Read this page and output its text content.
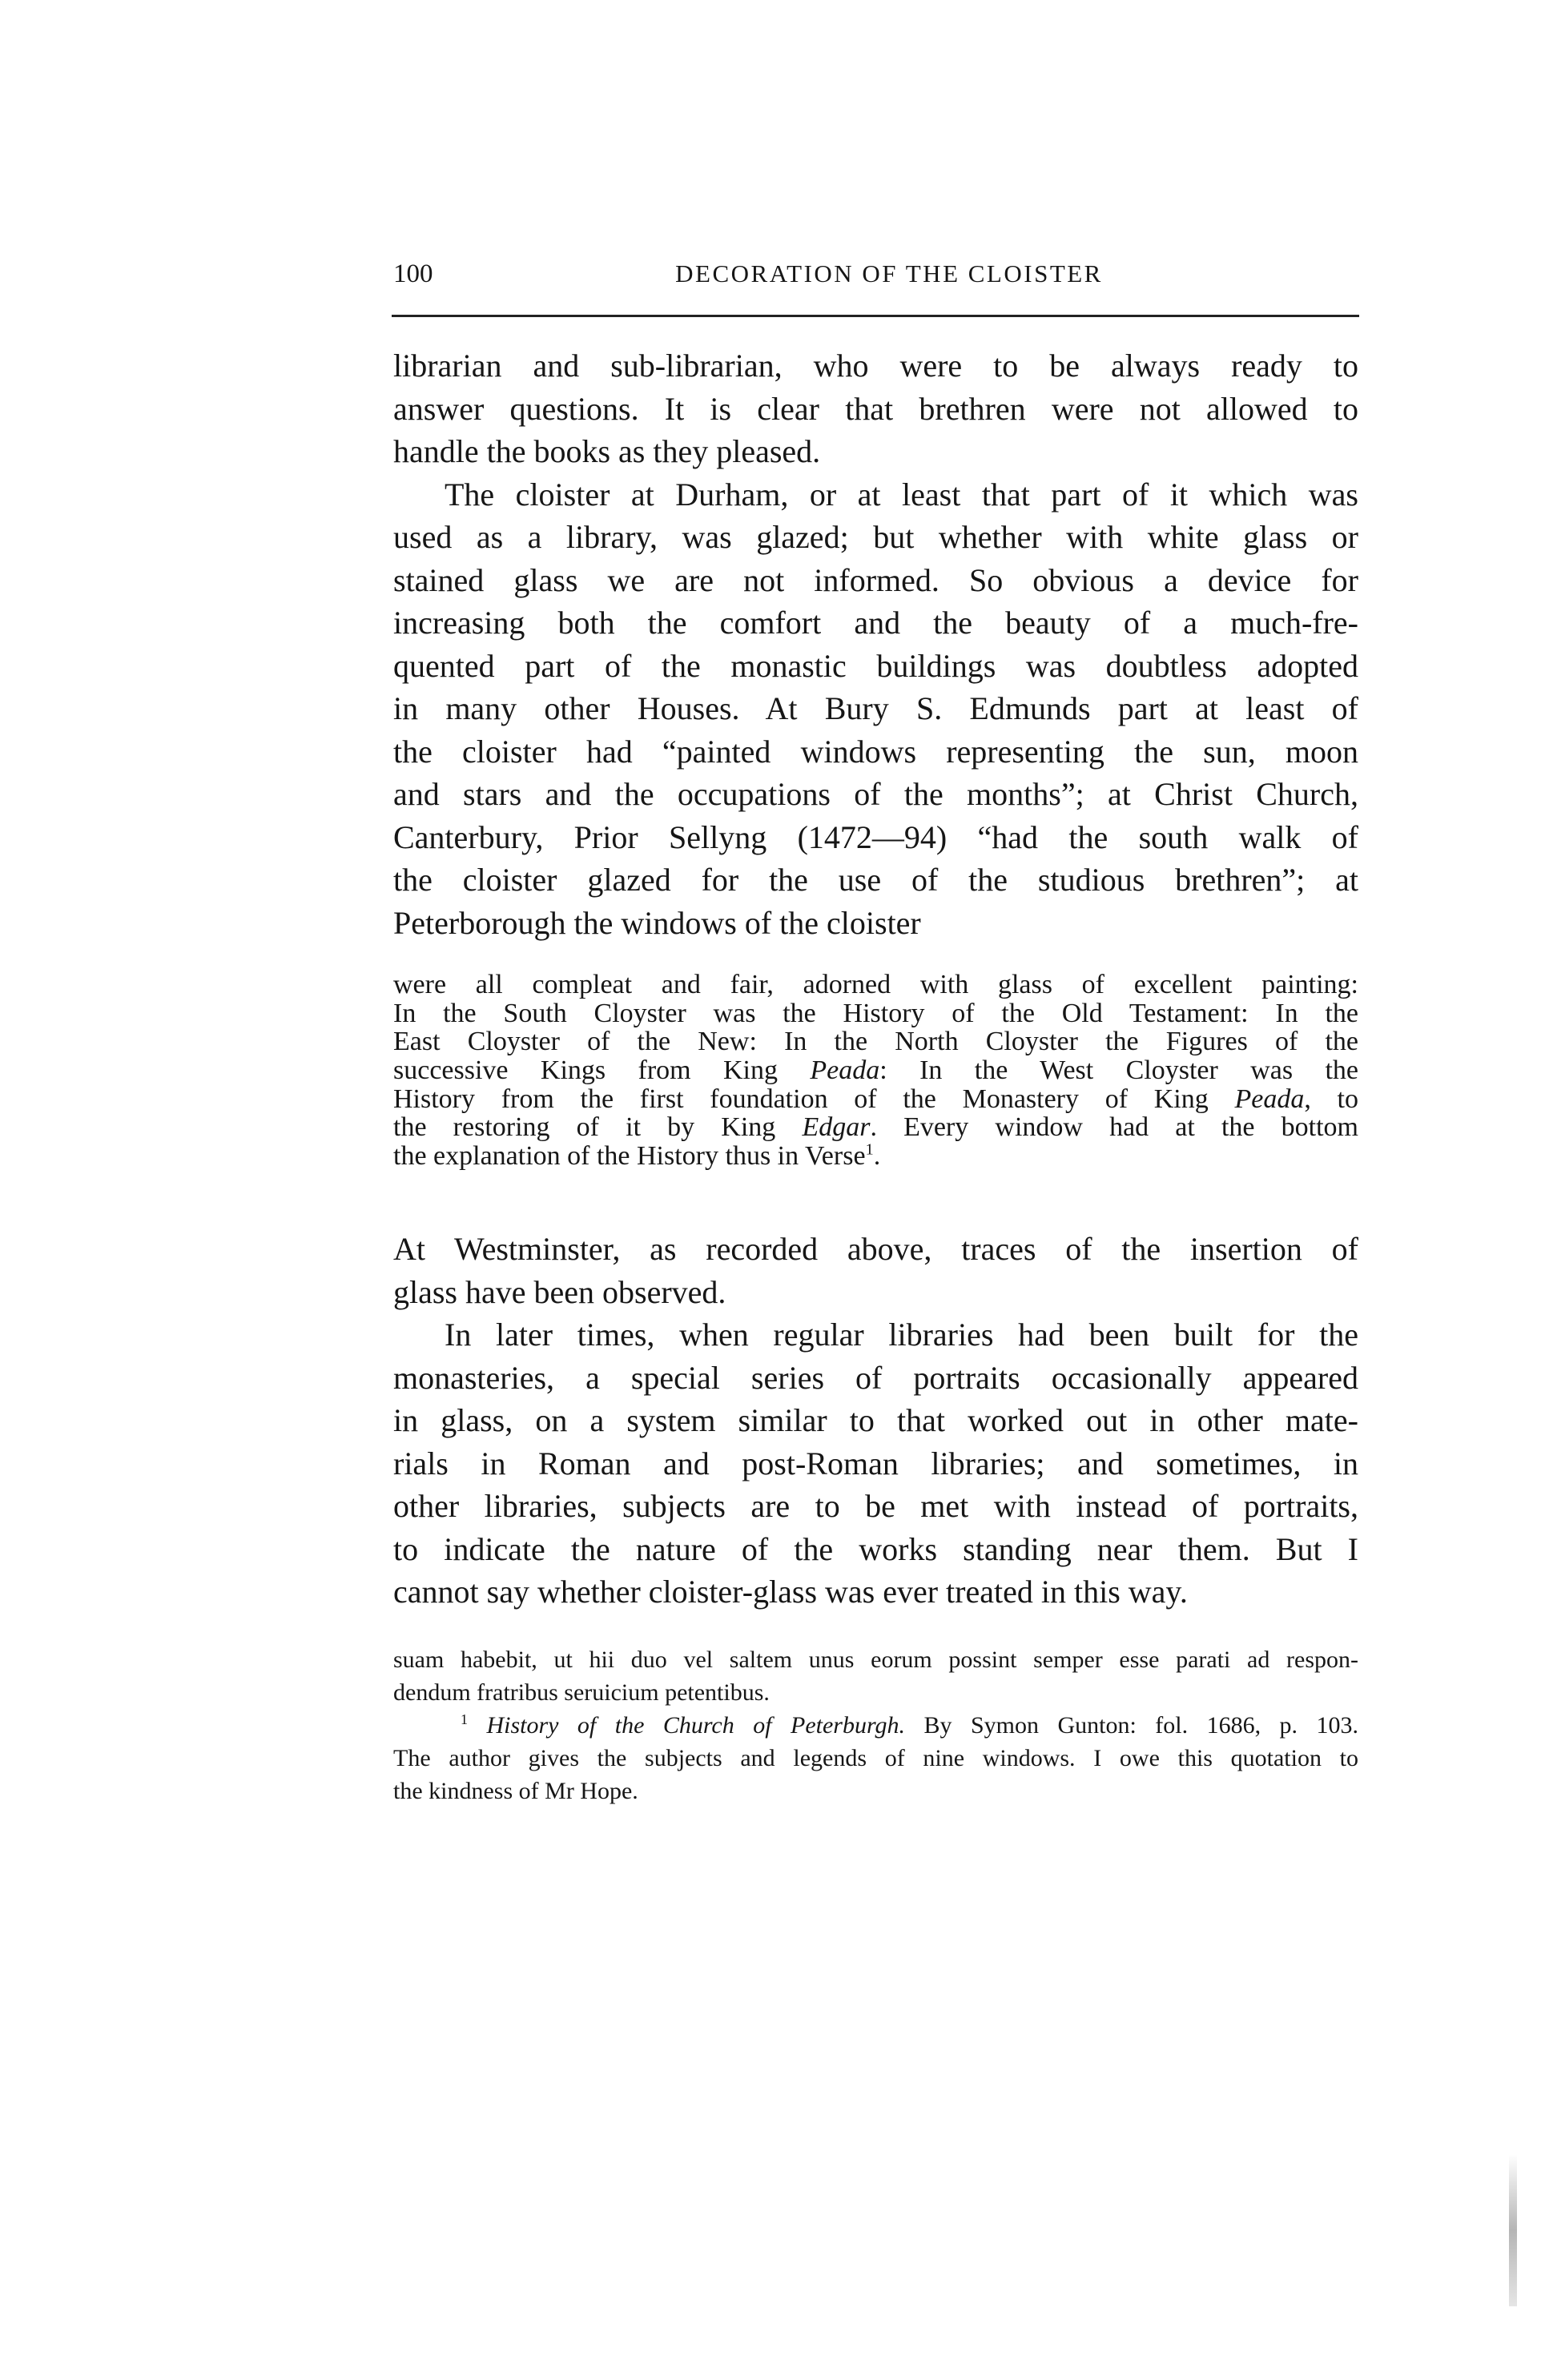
100	DECORATION OF THE CLOISTER
librarian and sub-librarian, who were to be always ready to
answer questions. It is clear that brethren were not allowed to
handle the books as they pleased.
The cloister at Durham, or at least that part of it which was
used as a library, was glazed; but whether with white glass or
stained glass we are not informed. So obvious a device for
increasing both the comfort and the beauty of a much-fre-
quented part of the monastic buildings was doubtless adopted
in many other Houses. At Bury S. Edmunds part at least of
the cloister had “painted windows representing the sun, moon
and stars and the occupations of the months”; at Christ Church,
Canterbury, Prior Sellyng (1472—94) “had the south walk of
the cloister glazed for the use of the studious brethren”; at
Peterborough the windows of the cloister
were all compleat and fair, adorned with glass of excellent painting:
In the South Cloyster was the History of the Old Testament: In the
East Cloyster of the New: In the North Cloyster the Figures of the
successive Kings from King Peada: In the West Cloyster was the
History from the first foundation of the Monastery of King Peada, to
the restoring of it by King Edgar. Every window had at the bottom
the explanation of the History thus in Verse$^1$.
At Westminster, as recorded above, traces of the insertion of
glass have been observed.
In later times, when regular libraries had been built for the
monasteries, a special series of portraits occasionally appeared
in glass, on a system similar to that worked out in other mate-
rials in Roman and post-Roman libraries; and sometimes, in
other libraries, subjects are to be met with instead of portraits,
to indicate the nature of the works standing near them. But I
cannot say whether cloister-glass was ever treated in this way.
suam habebit, ut hii duo vel saltem unus eorum possint semper esse parati ad respon-
dendum fratribus seruicium petentibus.
$^1$ History of the Church of Peterburgh. By Symon Gunton: fol. 1686, p. 103.
The author gives the subjects and legends of nine windows. I owe this quotation to
the kindness of Mr Hope.
